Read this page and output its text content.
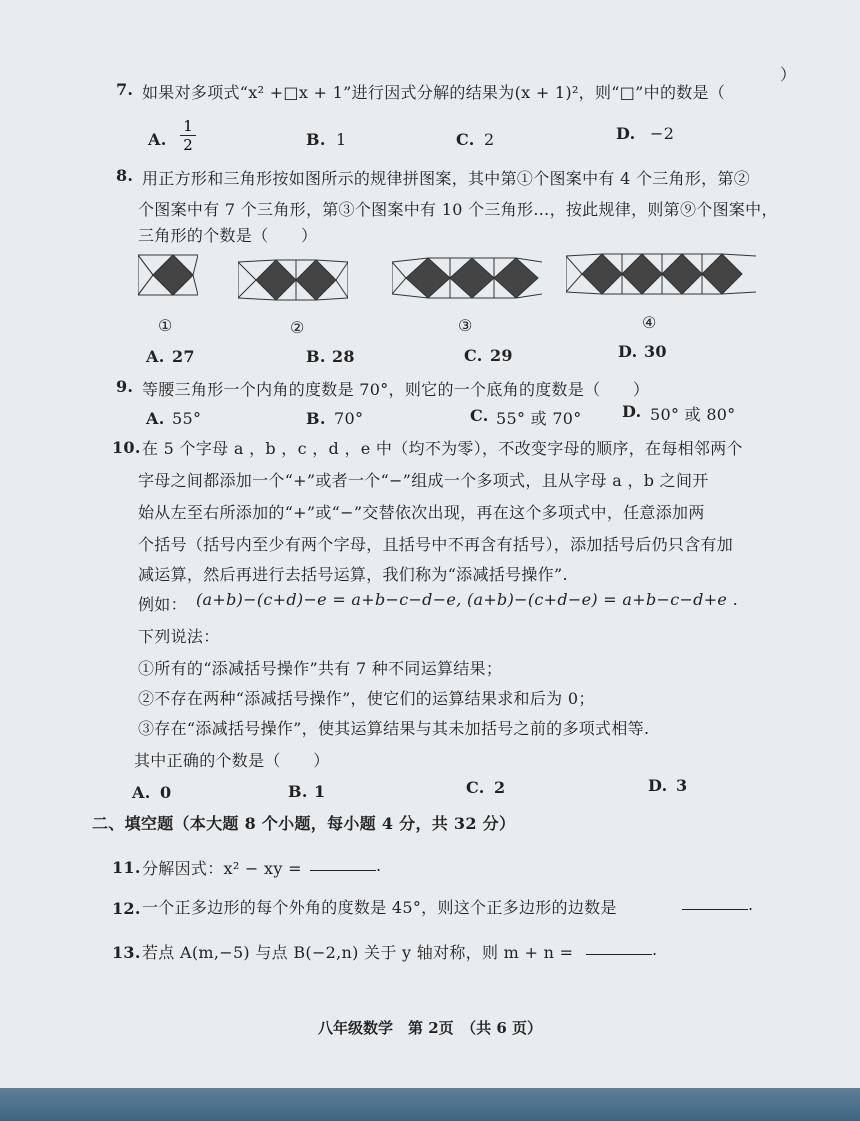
7. 如果对多项式“x² +□x + 1”进行因式分解的结果为(x + 1)²，则“□”中的数是（
）
A. $\frac{1}{2}$	B. 1	C. 2	D. −2
8. 用正方形和三角形按如图所示的规律拼图案，其中第①个图案中有 4 个三角形，第②
个图案中有 7 个三角形，第③个图案中有 10 个三角形…，按此规律，则第⑨个图案中，
三角形的个数是（　　）
①	②	③	④
A. 27	B. 28	C. 29	D. 30
9. 等腰三角形一个内角的度数是 70°，则它的一个底角的度数是（　　）
A. 55°	B. 70°	C. 55° 或 70°	D. 50° 或 80°
10. 在 5 个字母 a ，b ，c ，d ，e 中（均不为零），不改变字母的顺序，在每相邻两个
字母之间都添加一个“+”或者一个“−”组成一个多项式，且从字母 a ，b 之间开
始从左至右所添加的“+”或“−”交替依次出现，再在这个多项式中，任意添加两
个括号（括号内至少有两个字母，且括号中不再含有括号），添加括号后仍只含有加
减运算，然后再进行去括号运算，我们称为“添减括号操作”.
例如： (a+b)−(c+d)−e = a+b−c−d−e, (a+b)−(c+d−e) = a+b−c−d+e .
下列说法：
①所有的“添减括号操作”共有 7 种不同运算结果；
②不存在两种“添减括号操作”，使它们的运算结果求和后为 0；
③存在“添减括号操作”，使其运算结果与其未加括号之前的多项式相等.
其中正确的个数是（　　）
A. 0	B. 1	C. 2	D. 3
二、填空题（本大题 8 个小题，每小题 4 分，共 32 分）
11. 分解因式：x² − xy =	.
12. 一个正多边形的每个外角的度数是 45°，则这个正多边形的边数是	.
13. 若点 A(m,−5) 与点 B(−2,n) 关于 y 轴对称，则 m + n =	.
八年级数学　第 2页　（共 6 页）
